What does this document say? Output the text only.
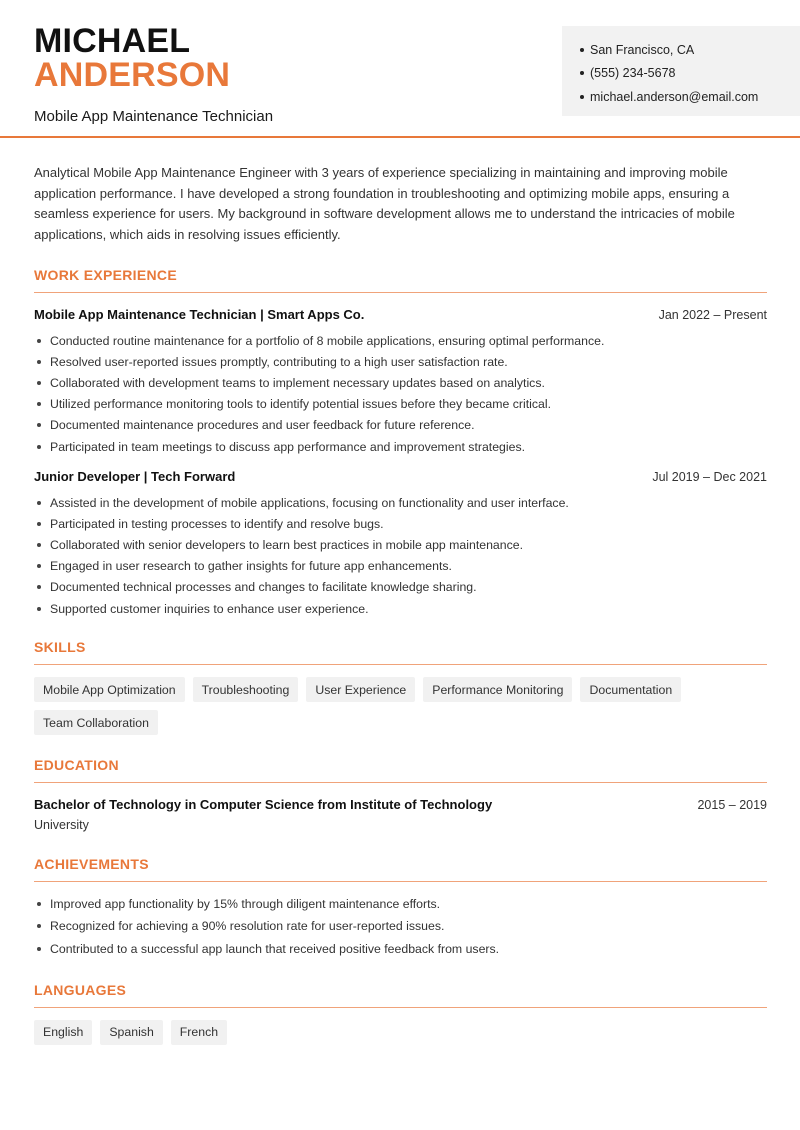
MICHAEL
ANDERSON
Mobile App Maintenance Technician
San Francisco, CA
(555) 234-5678
michael.anderson@email.com

Analytical Mobile App Maintenance Engineer with 3 years of experience specializing in maintaining and improving mobile application performance. I have developed a strong foundation in troubleshooting and optimizing mobile apps, ensuring a seamless experience for users. My background in software development allows me to understand the intricacies of mobile applications, which aids in resolving issues efficiently.

WORK EXPERIENCE
Mobile App Maintenance Technician | Smart Apps Co.	Jan 2022 – Present
Conducted routine maintenance for a portfolio of 8 mobile applications, ensuring optimal performance.
Resolved user-reported issues promptly, contributing to a high user satisfaction rate.
Collaborated with development teams to implement necessary updates based on analytics.
Utilized performance monitoring tools to identify potential issues before they became critical.
Documented maintenance procedures and user feedback for future reference.
Participated in team meetings to discuss app performance and improvement strategies.
Junior Developer | Tech Forward	Jul 2019 – Dec 2021
Assisted in the development of mobile applications, focusing on functionality and user interface.
Participated in testing processes to identify and resolve bugs.
Collaborated with senior developers to learn best practices in mobile app maintenance.
Engaged in user research to gather insights for future app enhancements.
Documented technical processes and changes to facilitate knowledge sharing.
Supported customer inquiries to enhance user experience.
SKILLS
Mobile App Optimization	Troubleshooting	User Experience	Performance Monitoring	Documentation
Team Collaboration
EDUCATION
Bachelor of Technology in Computer Science from Institute of Technology	2015 – 2019
University
ACHIEVEMENTS
Improved app functionality by 15% through diligent maintenance efforts.
Recognized for achieving a 90% resolution rate for user-reported issues.
Contributed to a successful app launch that received positive feedback from users.
LANGUAGES
English	Spanish	French
